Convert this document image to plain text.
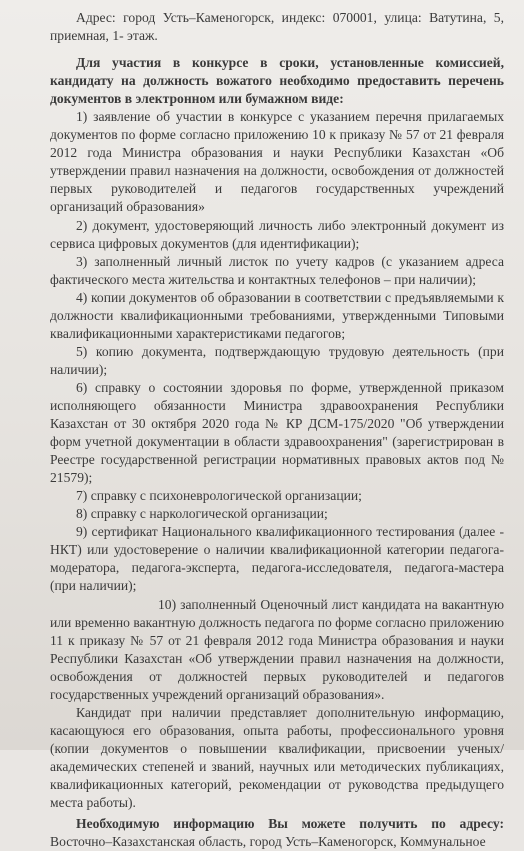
Адрес: город Усть–Каменогорск, индекс: 070001, улица: Ватутина, 5, приемная, 1- этаж.

Для участия в конкурсе в сроки, установленные комиссией, кандидату на должность вожатого необходимо предоставить перечень документов в электронном или бумажном виде:

1) заявление об участии в конкурсе с указанием перечня прилагаемых документов по форме согласно приложению 10 к приказу № 57 от 21 февраля 2012 года Министра образования и науки Республики Казахстан «Об утверждении правил назначения на должности, освобождения от должностей первых руководителей и педагогов государственных учреждений организаций образования»

2) документ, удостоверяющий личность либо электронный документ из сервиса цифровых документов (для идентификации);

3) заполненный личный листок по учету кадров (с указанием адреса фактического места жительства и контактных телефонов – при наличии);

4) копии документов об образовании в соответствии с предъявляемыми к должности квалификационными требованиями, утвержденными Типовыми квалификационными характеристиками педагогов;

5) копию документа, подтверждающую трудовую деятельность (при наличии);

6) справку о состоянии здоровья по форме, утвержденной приказом исполняющего обязанности Министра здравоохранения Республики Казахстан от 30 октября 2020 года № КР ДСМ-175/2020 "Об утверждении форм учетной документации в области здравоохранения" (зарегистрирован в Реестре государственной регистрации нормативных правовых актов под № 21579);

7) справку с психоневрологической организации;

8) справку с наркологической организации;

9) сертификат Национального квалификационного тестирования (далее - НКТ) или удостоверение о наличии квалификационной категории педагога-модератора, педагога-эксперта, педагога-исследователя, педагога-мастера (при наличии);

10) заполненный Оценочный лист кандидата на вакантную или временно вакантную должность педагога по форме согласно приложению 11 к приказу № 57 от 21 февраля 2012 года Министра образования и науки Республики Казахстан «Об утверждении правил назначения на должности, освобождения от должностей первых руководителей и педагогов государственных учреждений организаций образования».

Кандидат при наличии представляет дополнительную информацию, касающуюся его образования, опыта работы, профессионального уровня (копии документов о повышении квалификации, присвоении ученых/академических степеней и званий, научных или методических публикациях, квалификационных категорий, рекомендации от руководства предыдущего места работы).

Необходимую информацию Вы можете получить по адресу: Восточно–Казахстанская область, город Усть–Каменогорск, Коммунальное
